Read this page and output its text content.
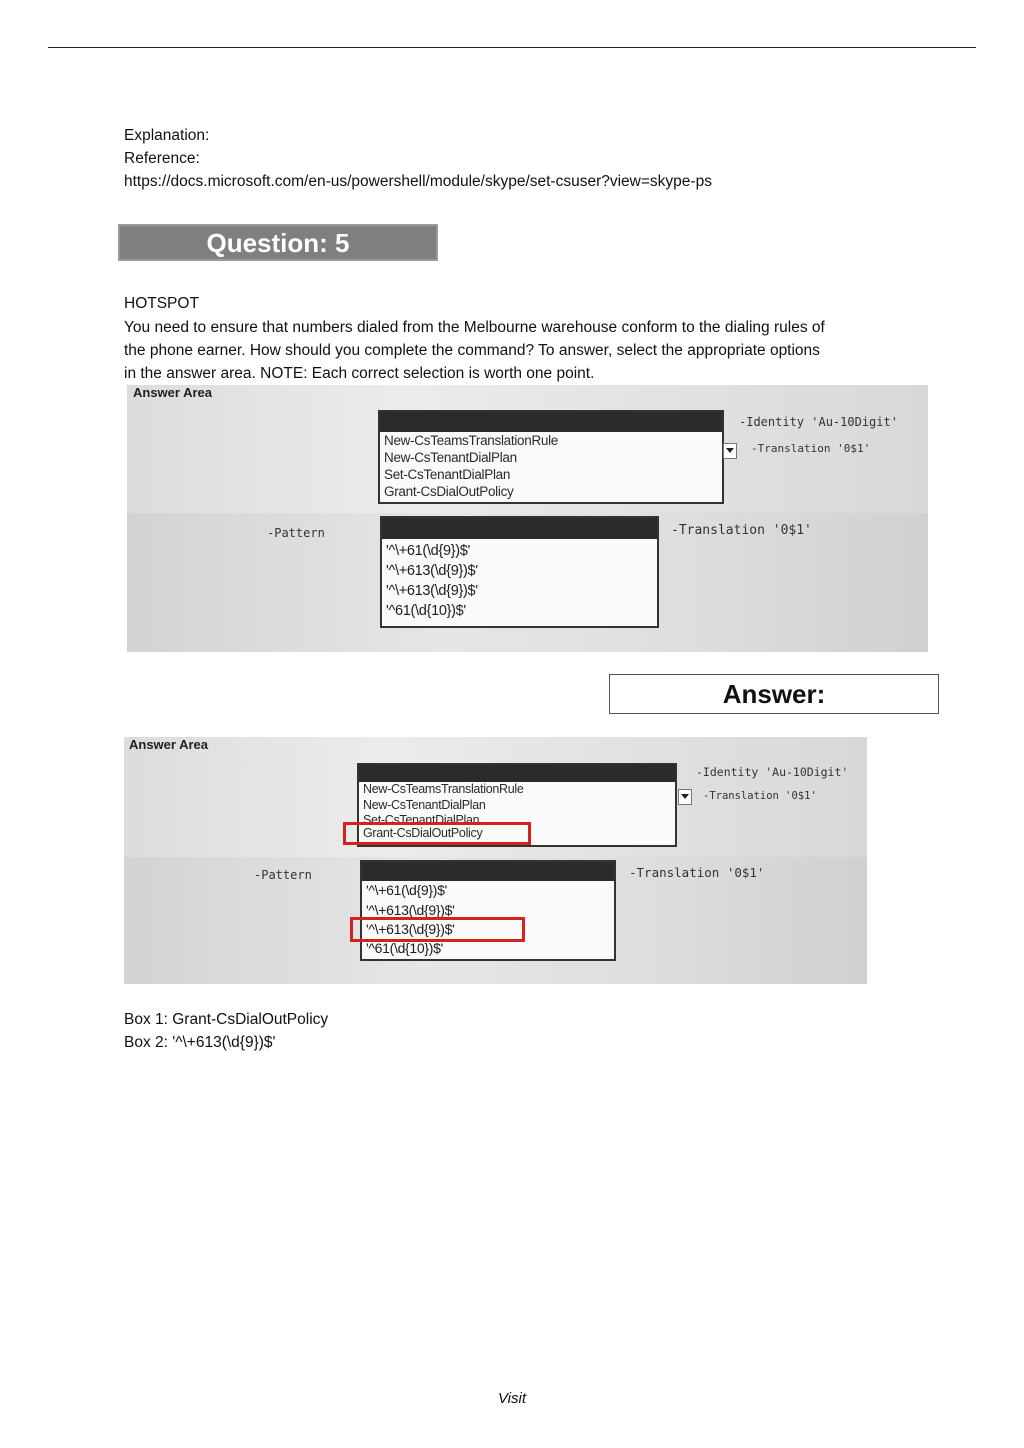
Explanation:
Reference:
https://docs.microsoft.com/en-us/powershell/module/skype/set-csuser?view=skype-ps
Question: 5
HOTSPOT
You need to ensure that numbers dialed from the Melbourne warehouse conform to the dialing rules of
the phone earner. How should you complete the command? To answer, select the appropriate options
in the answer area. NOTE: Each correct selection is worth one point.
Answer Area
New-CsTeamsTranslationRule
New-CsTenantDialPlan
Set-CsTenantDialPlan
Grant-CsDialOutPolicy
-Identity 'Au-10Digit'
-Translation '0$1'
-Pattern	-Translation '0$1'
'^\+61(\d{9})$'
'^\+613(\d{9})$'
'^\+613(\d{9})$'
'^61(\d{10})$'
Answer:
Answer Area
New-CsTeamsTranslationRule
New-CsTenantDialPlan
Set-CsTenantDialPlan
Grant-CsDialOutPolicy
-Identity 'Au-10Digit'
-Translation '0$1'
-Pattern	-Translation '0$1'
'^\+61(\d{9})$'
'^\+613(\d{9})$'
'^\+613(\d{9})$'
'^61(\d{10})$'
Box 1: Grant-CsDialOutPolicy
Box 2: '^\+613(\d{9})$'
Visit
